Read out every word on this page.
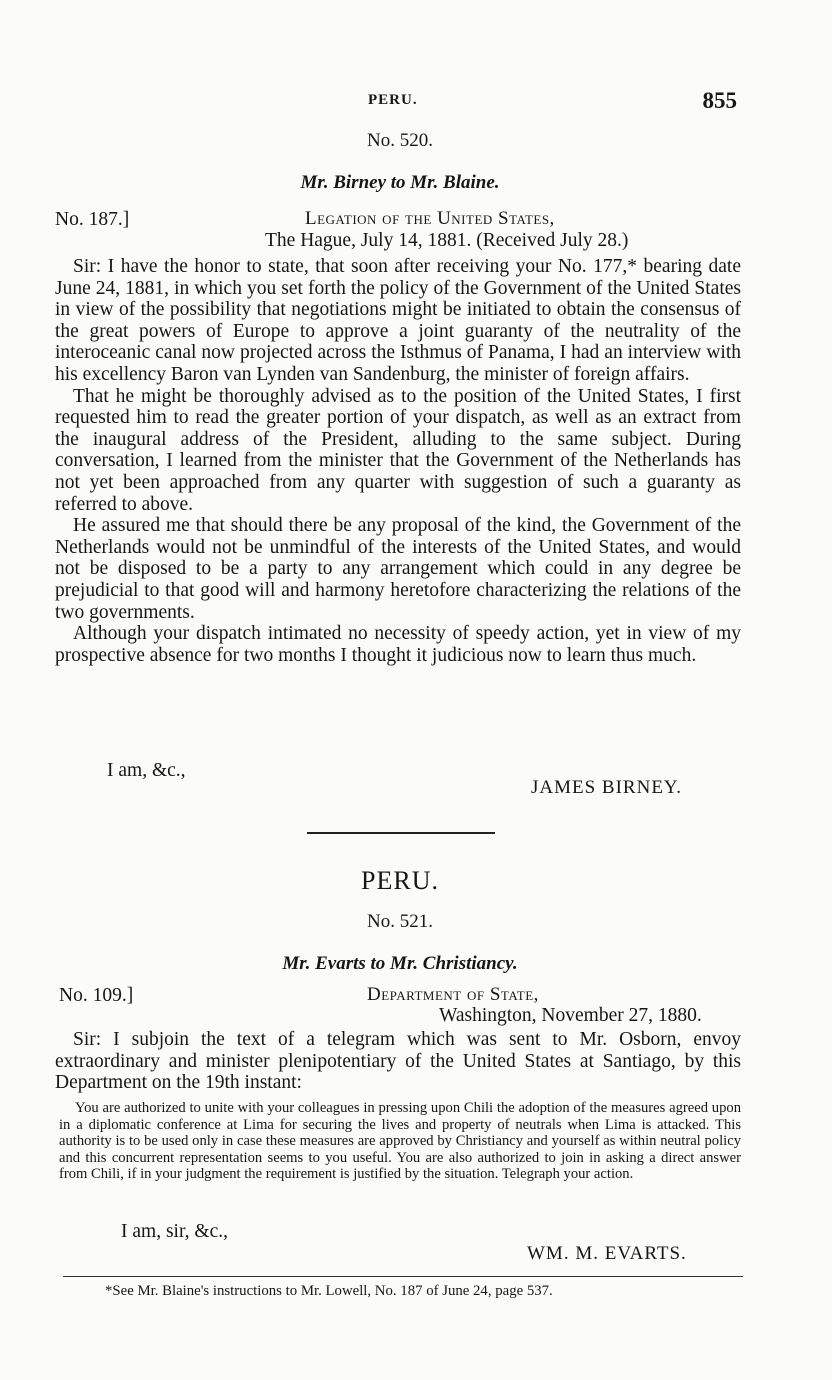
PERU.	855
No. 520.
Mr. Birney to Mr. Blaine.
No. 187.]	Legation of the United States,
The Hague, July 14, 1881. (Received July 28.)

Sir: I have the honor to state, that soon after receiving your No. 177,* bearing date June 24, 1881, in which you set forth the policy of the Government of the United States in view of the possibility that negotiations might be initiated to obtain the consensus of the great powers of Europe to approve a joint guaranty of the neutrality of the interoceanic canal now projected across the Isthmus of Panama, I had an interview with his excellency Baron van Lynden van Sandenburg, the minister of foreign affairs.

That he might be thoroughly advised as to the position of the United States, I first requested him to read the greater portion of your dispatch, as well as an extract from the inaugural address of the President, alluding to the same subject. During conversation, I learned from the minister that the Government of the Netherlands has not yet been approached from any quarter with suggestion of such a guaranty as referred to above.

He assured me that should there be any proposal of the kind, the Government of the Netherlands would not be unmindful of the interests of the United States, and would not be disposed to be a party to any arrangement which could in any degree be prejudicial to that good will and harmony heretofore characterizing the relations of the two governments.

Although your dispatch intimated no necessity of speedy action, yet in view of my prospective absence for two months I thought it judicious now to learn thus much.

I am, &c.,
JAMES BIRNEY.
PERU.
No. 521.
Mr. Evarts to Mr. Christiancy.
No. 109.]	Department of State,
Washington, November 27, 1880.

Sir: I subjoin the text of a telegram which was sent to Mr. Osborn, envoy extraordinary and minister plenipotentiary of the United States at Santiago, by this Department on the 19th instant:

You are authorized to unite with your colleagues in pressing upon Chili the adoption of the measures agreed upon in a diplomatic conference at Lima for securing the lives and property of neutrals when Lima is attacked. This authority is to be used only in case these measures are approved by Christiancy and yourself as within neutral policy and this concurrent representation seems to you useful. You are also authorized to join in asking a direct answer from Chili, if in your judgment the requirement is justified by the situation. Telegraph your action.

I am, sir, &c.,
WM. M. EVARTS.
*See Mr. Blaine's instructions to Mr. Lowell, No. 187 of June 24, page 537.
